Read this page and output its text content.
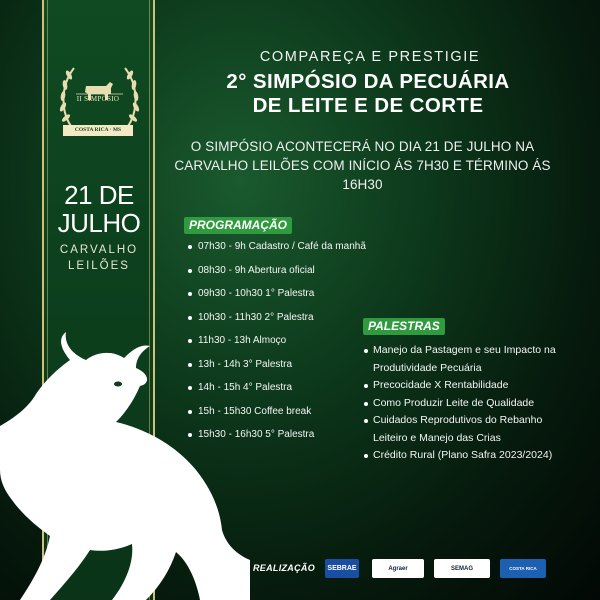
II SIMPÓSIO
COSTA RICA · MS
21 DE
JULHO
CARVALHO
LEILÕES
COMPAREÇA E PRESTIGIE
2° SIMPÓSIO DA PECUÁRIA
DE LEITE E DE CORTE
O SIMPÓSIO ACONTECERÁ NO DIA 21 DE JULHO NA CARVALHO LEILÕES COM INÍCIO ÁS 7H30 E TÉRMINO ÁS 16H30
PROGRAMAÇÃO
07h30 - 9h Cadastro / Café da manhã
08h30 - 9h Abertura oficial
09h30 - 10h30 1° Palestra
10h30 - 11h30 2° Palestra
11h30 - 13h Almoço
13h - 14h 3° Palestra
14h - 15h 4° Palestra
15h - 15h30 Coffee break
15h30 - 16h30 5° Palestra
PALESTRAS
Manejo da Pastagem e seu Impacto na Produtividade Pecuária
Precocidade X Rentabilidade
Como Produzir Leite de Qualidade
Cuidados Reprodutivos do Rebanho Leiteiro e Manejo das Crias
Crédito Rural (Plano Safra 2023/2024)
REALIZAÇÃO	SEBRAE	Agraer	SEMAG	COSTA RICA
